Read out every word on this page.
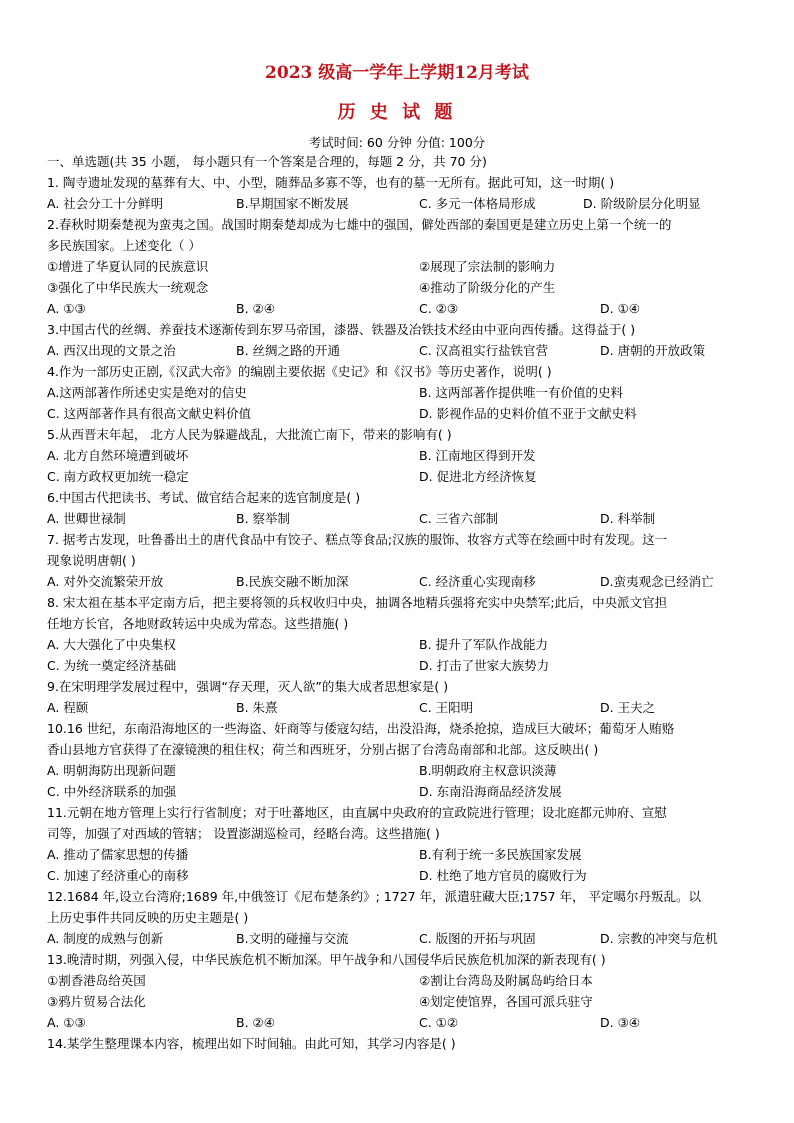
2023 级高一学年上学期12月考试
历 史 试 题
考试时间: 60 分钟 分值: 100分
一、单选题(共 35 小题， 每小题只有一个答案是合理的，每题 2 分，共 70 分)
1. 陶寺遗址发现的墓葬有大、中、小型，随葬品多寡不等，也有的墓一无所有。据此可知，这一时期( )
A. 社会分工十分鲜明	B.早期国家不断发展	C. 多元一体格局形成	D. 阶级阶层分化明显
2.春秋时期秦楚视为蛮夷之国。战国时期秦楚却成为七雄中的强国，僻处西部的秦国更是建立历史上第一个统一的
多民族国家。上述变化（ ）
①增进了华夏认同的民族意识	②展现了宗法制的影响力
③强化了中华民族大一统观念	④推动了阶级分化的产生
A. ①③	B. ②④	C. ②③	D. ①④
3.中国古代的丝绸、养蚕技术逐渐传到东罗马帝国，漆器、铁器及冶铁技术经由中亚向西传播。这得益于( )
A. 西汉出现的文景之治	B. 丝绸之路的开通	C. 汉高祖实行盐铁官营	D. 唐朝的开放政策
4.作为一部历史正剧,《汉武大帝》的编剧主要依据《史记》和《汉书》等历史著作，说明( )
A.这两部著作所述史实是绝对的信史	B. 这两部著作提供唯一有价值的史料
C. 这两部著作具有很高文献史料价值	D. 影视作品的史料价值不亚于文献史料
5.从西晋末年起， 北方人民为躲避战乱，大批流亡南下，带来的影响有( )
A. 北方自然环境遭到破坏	B. 江南地区得到开发
C. 南方政权更加统一稳定	D. 促进北方经济恢复
6.中国古代把读书、考试、做官结合起来的选官制度是( )
A. 世卿世禄制	B. 察举制	C. 三省六部制	D. 科举制
7. 据考古发现，吐鲁番出土的唐代食品中有饺子、糕点等食品;汉族的服饰、妆容方式等在绘画中时有发现。这一
现象说明唐朝( )
A. 对外交流繁荣开放	B.民族交融不断加深	C. 经济重心实现南移	D.蛮夷观念已经消亡
8. 宋太祖在基本平定南方后，把主要将领的兵权收归中央，抽调各地精兵强将充实中央禁军;此后，中央派文官担
任地方长官，各地财政转运中央成为常态。这些措施( )
A. 大大强化了中央集权	B. 提升了军队作战能力
C. 为统一奠定经济基础	D. 打击了世家大族势力
9.在宋明理学发展过程中，强调“存天理，灭人欲”的集大成者思想家是( )
A. 程颐	B. 朱熹	C. 王阳明	D. 王夫之
10.16 世纪，东南沿海地区的一些海盗、奸商等与倭寇勾结，出没沿海，烧杀抢掠，造成巨大破坏；葡萄牙人贿赂
香山县地方官获得了在濠镜澳的租住权；荷兰和西班牙，分别占据了台湾岛南部和北部。这反映出( )
A. 明朝海防出现新问题	B.明朝政府主权意识淡薄
C. 中外经济联系的加强	D. 东南沿海商品经济发展
11.元朝在地方管理上实行行省制度；对于吐蕃地区，由直属中央政府的宣政院进行管理；设北庭都元帅府、宣慰
司等，加强了对西域的管辖； 设置澎湖巡检司，经略台湾。这些措施( )
A. 推动了儒家思想的传播	B.有利于统一多民族国家发展
C. 加速了经济重心的南移	D. 杜绝了地方官员的腐败行为
12.1684 年,设立台湾府;1689 年,中俄签订《尼布楚条约》; 1727 年，派遣驻藏大臣;1757 年， 平定噶尔丹叛乱。以
上历史事件共同反映的历史主题是( )
A. 制度的成熟与创新	B.文明的碰撞与交流	C. 版图的开拓与巩固	D. 宗教的冲突与危机
13.晚清时期，列强入侵，中华民族危机不断加深。甲午战争和八国侵华后民族危机加深的新表现有( )
①割香港岛给英国	②割让台湾岛及附属岛屿给日本
③鸦片贸易合法化	④划定使馆界，各国可派兵驻守
A. ①③	B. ②④	C. ①②	D. ③④
14.某学生整理课本内容，梳理出如下时间轴。由此可知，其学习内容是( )
